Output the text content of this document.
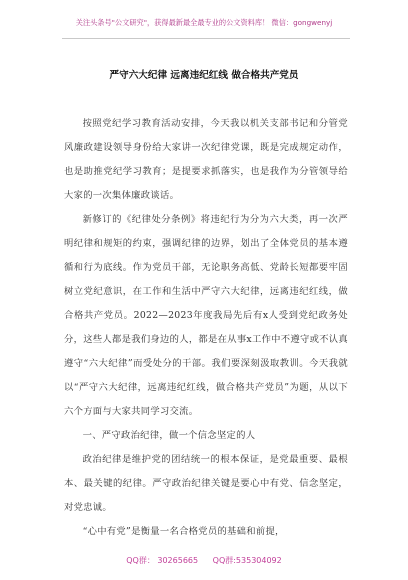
关注头条号"公文研究"，获得最新最全最专业的公文资料库！ 微信：gongwenyj
严守六大纪律 远离违纪红线 做合格共产党员

按照党纪学习教育活动安排，今天我以机关支部书记和分管党风廉政建设领导身份给大家讲一次纪律党课，既是完成规定动作，也是助推党纪学习教育；是提要求抓落实，也是我作为分管领导给大家的一次集体廉政谈话。

新修订的《纪律处分条例》将违纪行为分为六大类，再一次严明纪律和规矩的约束，强调纪律的边界，划出了全体党员的基本遵循和行为底线。作为党员干部，无论职务高低、党龄长短都要牢固树立党纪意识，在工作和生活中严守六大纪律，远离违纪红线，做合格共产党员。2022—2023年度我局先后有x人受到党纪政务处分，这些人都是我们身边的人，都是在从事x工作中不遵守或不认真遵守“六大纪律”而受处分的干部。我们要深刻汲取教训。今天我就以“严守六大纪律，远离违纪红线，做合格共产党员”为题，从以下六个方面与大家共同学习交流。

一、严守政治纪律，做一个信念坚定的人

政治纪律是维护党的团结统一的根本保证，是党最重要、最根本、最关键的纪律。严守政治纪律关键是要心中有党、信念坚定，对党忠诚。

“心中有党”是衡量一名合格党员的基础和前提，

QQ群： 30265665 QQ群:535304092
